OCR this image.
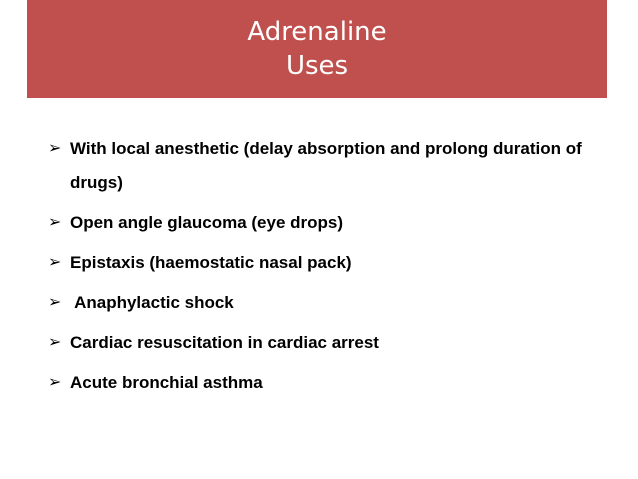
Adrenaline
Uses
➢ With local anesthetic (delay absorption and prolong duration of drugs)
➢ Open angle glaucoma (eye drops)
➢ Epistaxis (haemostatic nasal pack)
➢ Anaphylactic shock
➢ Cardiac resuscitation in cardiac arrest
➢ Acute bronchial asthma
